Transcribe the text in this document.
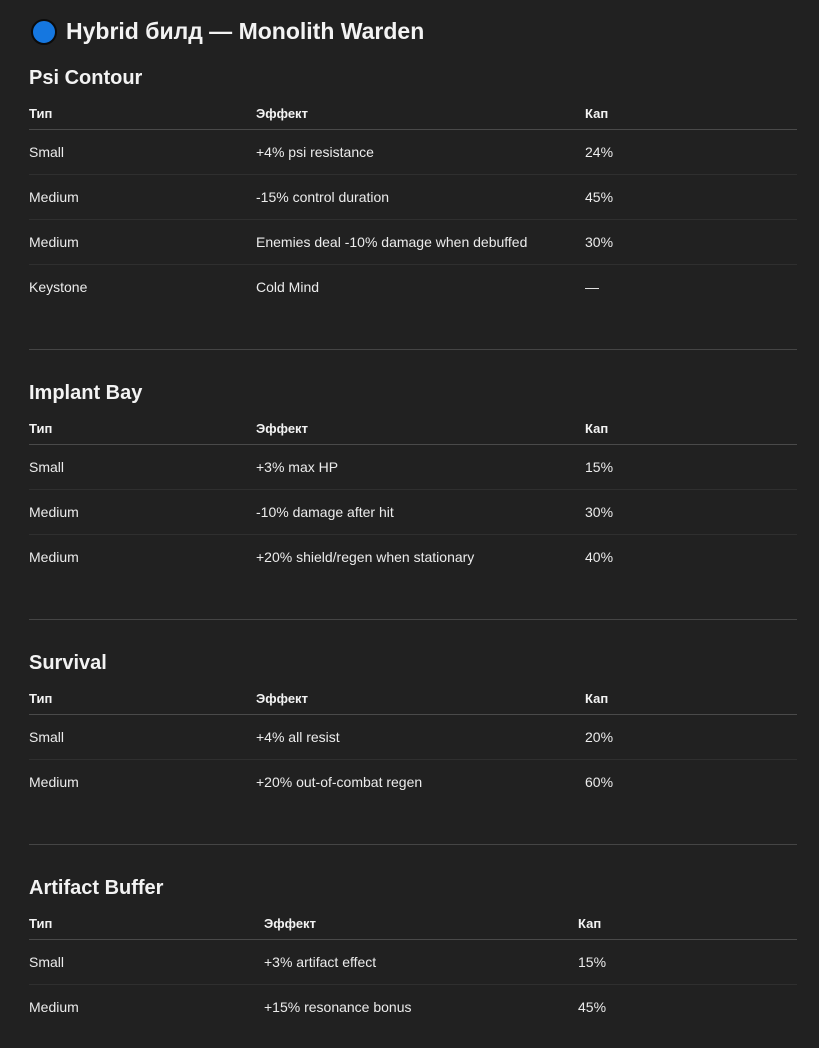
Hybrid билд — Monolith Warden
Psi Contour
Тип	Эффект	Кап
Small	+4% psi resistance	24%
Medium	-15% control duration	45%
Medium	Enemies deal -10% damage when debuffed	30%
Keystone	Cold Mind	—
Implant Bay
Тип	Эффект	Кап
Small	+3% max HP	15%
Medium	-10% damage after hit	30%
Medium	+20% shield/regen when stationary	40%
Survival
Тип	Эффект	Кап
Small	+4% all resist	20%
Medium	+20% out-of-combat regen	60%
Artifact Buffer
Тип	Эффект	Кап
Small	+3% artifact effect	15%
Medium	+15% resonance bonus	45%
